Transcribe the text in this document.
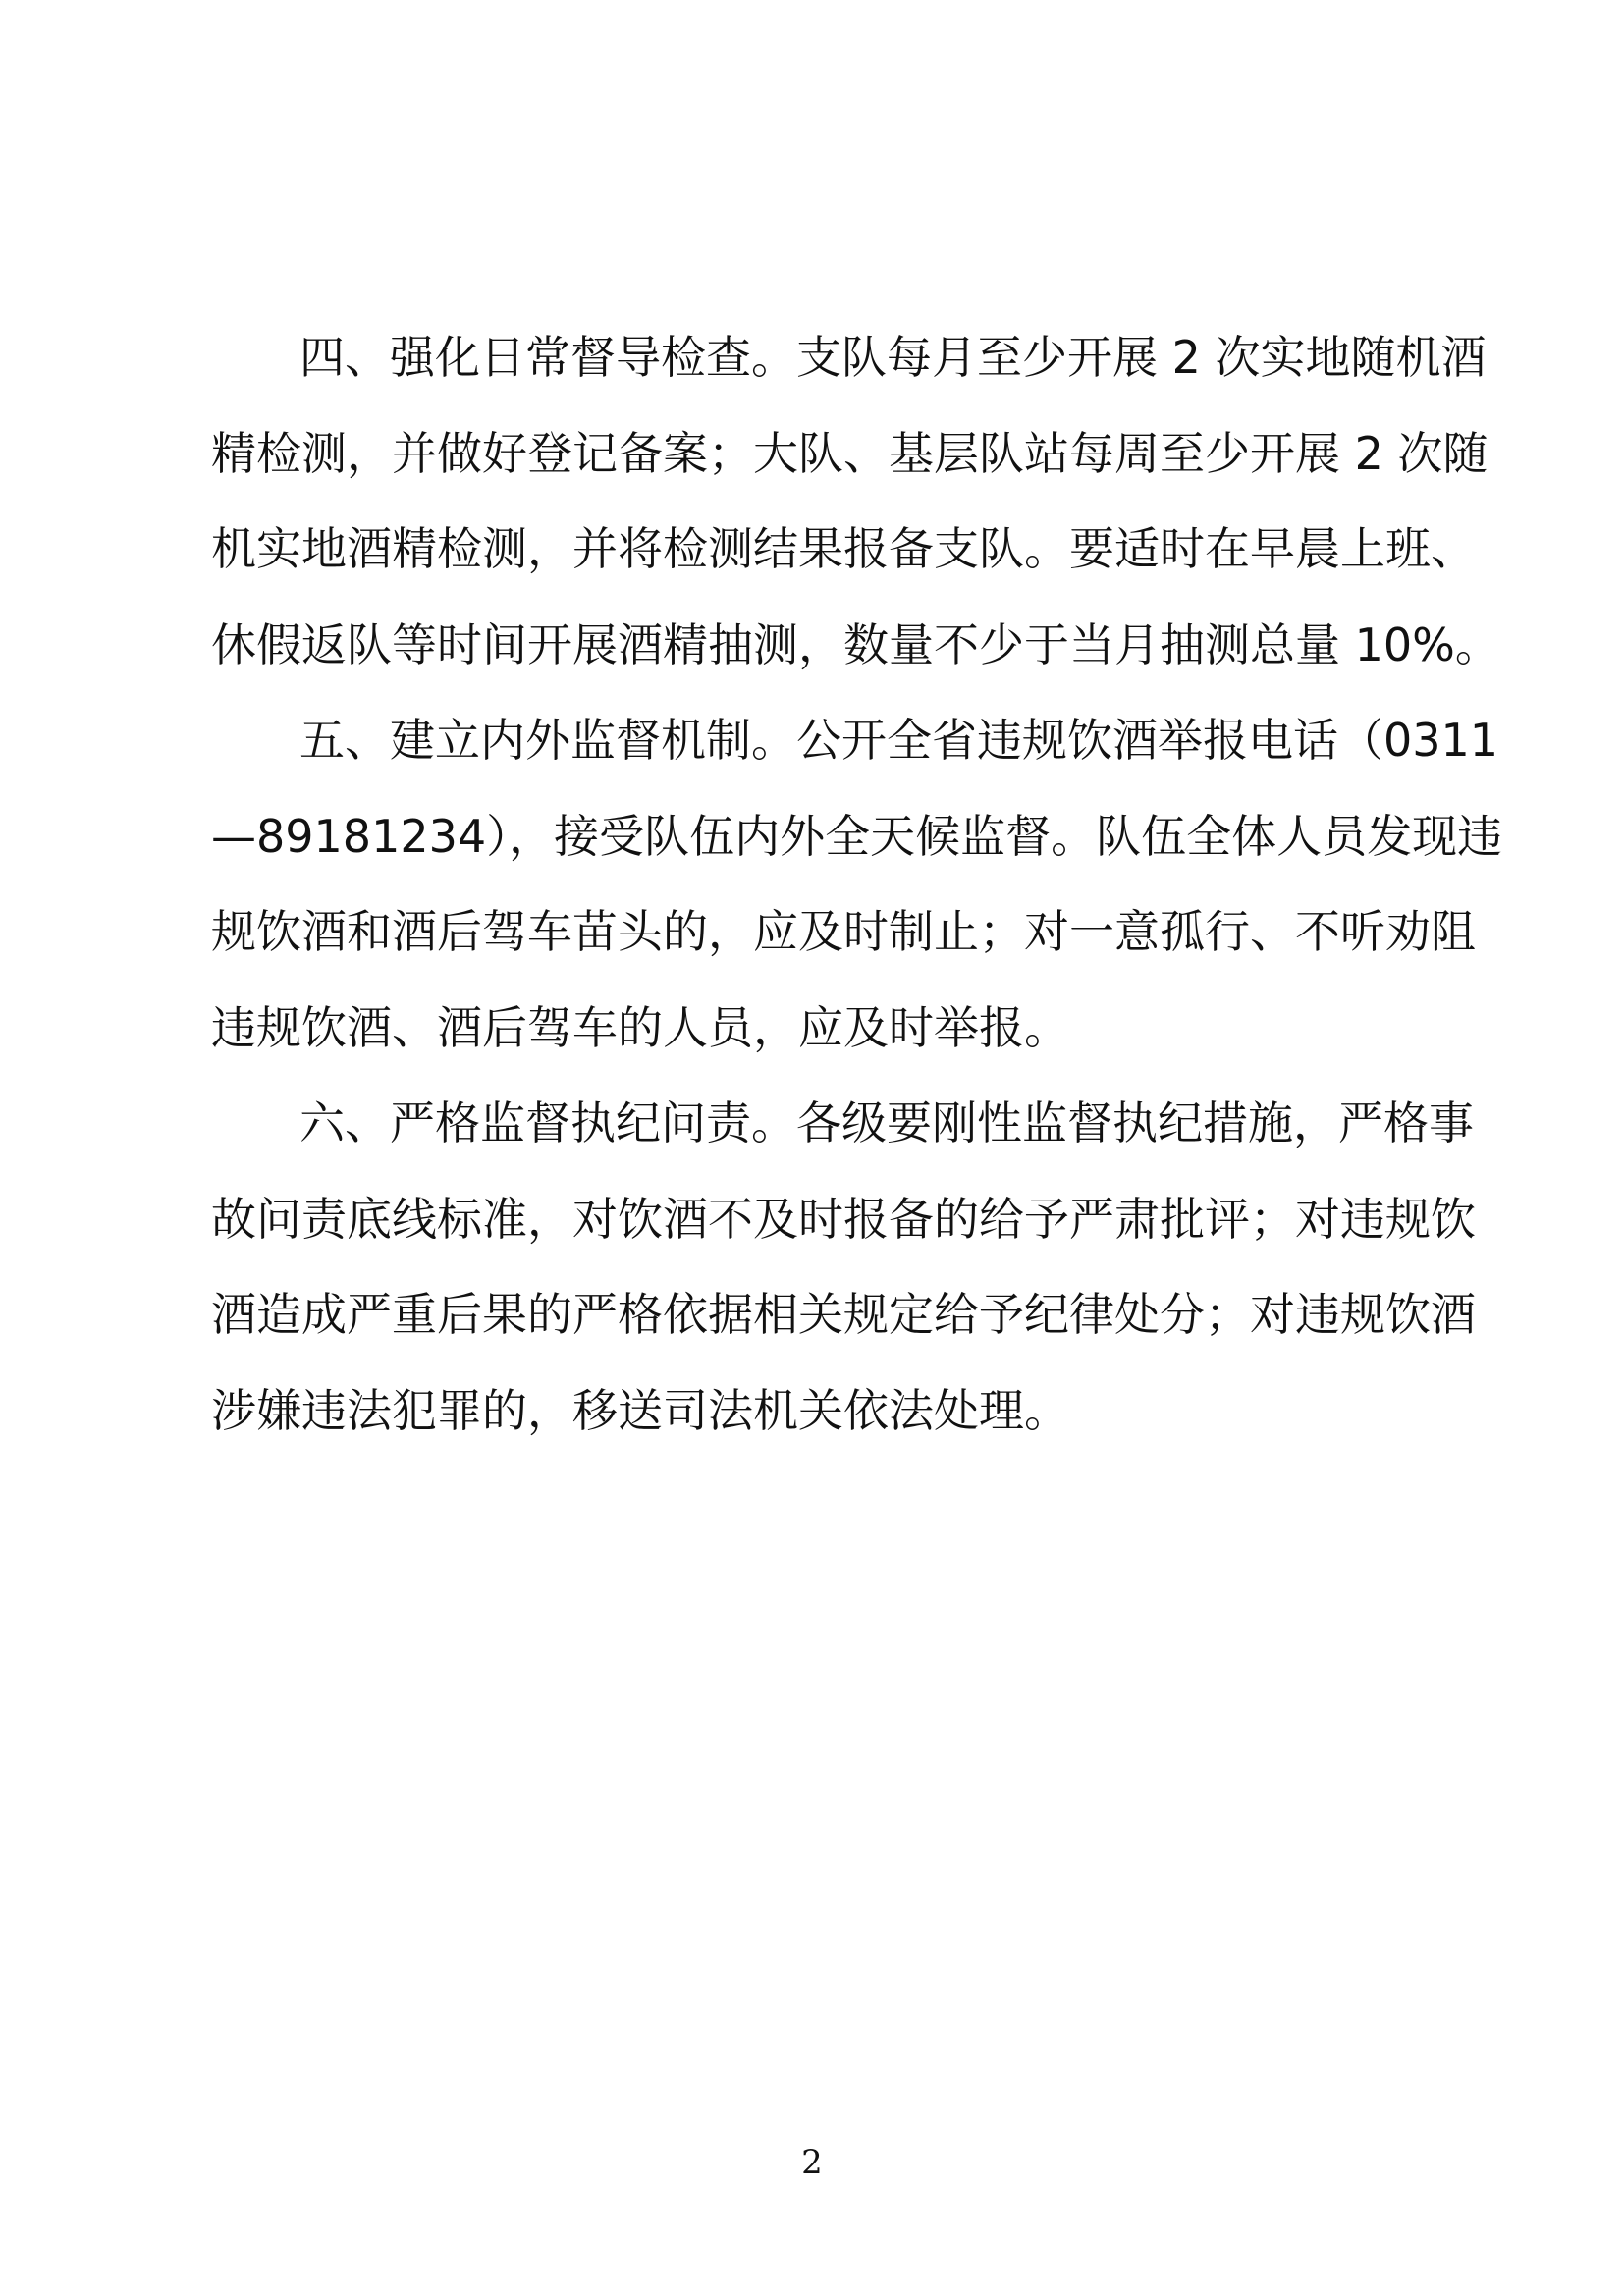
四、强化日常督导检查。支队每月至少开展 2 次实地随机酒
精检测，并做好登记备案；大队、基层队站每周至少开展 2 次随
机实地酒精检测，并将检测结果报备支队。要适时在早晨上班、
休假返队等时间开展酒精抽测，数量不少于当月抽测总量 10%。
五、建立内外监督机制。公开全省违规饮酒举报电话（0311
—89181234），接受队伍内外全天候监督。队伍全体人员发现违
规饮酒和酒后驾车苗头的，应及时制止；对一意孤行、不听劝阻
违规饮酒、酒后驾车的人员，应及时举报。
六、严格监督执纪问责。各级要刚性监督执纪措施，严格事
故问责底线标准，对饮酒不及时报备的给予严肃批评；对违规饮
酒造成严重后果的严格依据相关规定给予纪律处分；对违规饮酒
涉嫌违法犯罪的，移送司法机关依法处理。
2
